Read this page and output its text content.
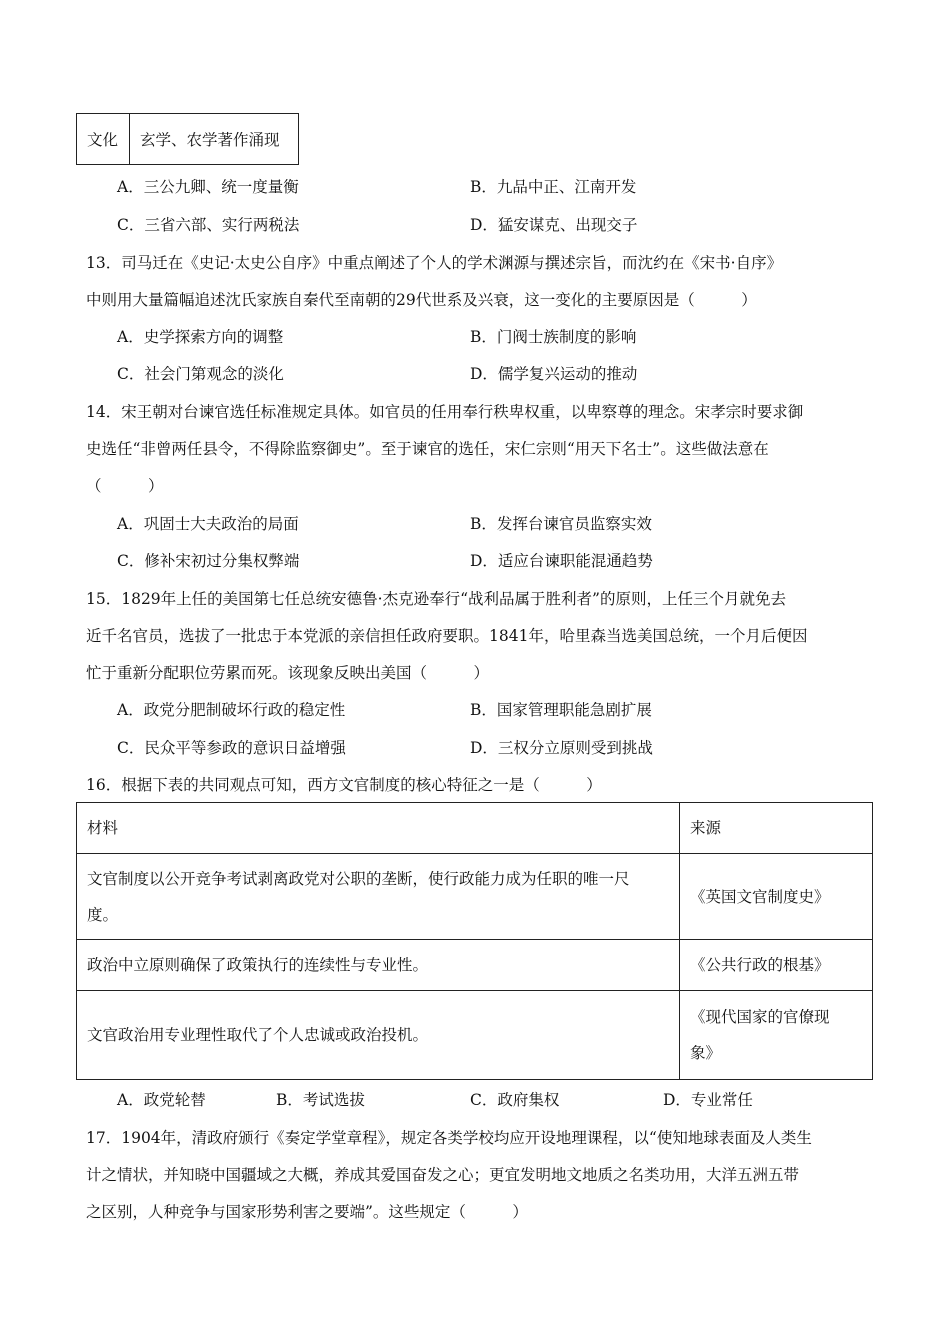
文化	玄学、农学著作涌现
A．三公九卿、统一度量衡	B．九品中正、江南开发
C．三省六部、实行两税法	D．猛安谋克、出现交子
13．司马迁在《史记·太史公自序》中重点阐述了个人的学术渊源与撰述宗旨，而沈约在《宋书·自序》
中则用大量篇幅追述沈氏家族自秦代至南朝的29代世系及兴衰，这一变化的主要原因是（　　　）
A．史学探索方向的调整	B．门阀士族制度的影响
C．社会门第观念的淡化	D．儒学复兴运动的推动
14．宋王朝对台谏官选任标准规定具体。如官员的任用奉行秩卑权重，以卑察尊的理念。宋孝宗时要求御
史选任“非曾两任县令，不得除监察御史”。至于谏官的选任，宋仁宗则“用天下名士”。这些做法意在
（　　　）
A．巩固士大夫政治的局面	B．发挥台谏官员监察实效
C．修补宋初过分集权弊端	D．适应台谏职能混通趋势
15．1829年上任的美国第七任总统安德鲁·杰克逊奉行“战利品属于胜利者”的原则，上任三个月就免去
近千名官员，选拔了一批忠于本党派的亲信担任政府要职。1841年，哈里森当选美国总统，一个月后便因
忙于重新分配职位劳累而死。该现象反映出美国（　　　）
A．政党分肥制破坏行政的稳定性	B．国家管理职能急剧扩展
C．民众平等参政的意识日益增强	D．三权分立原则受到挑战
16．根据下表的共同观点可知，西方文官制度的核心特征之一是（　　　）
材料	来源

文官制度以公开竞争考试剥离政党对公职的垄断，使行政能力成为任职的唯一尺
度。	《英国文官制度史》

政治中立原则确保了政策执行的连续性与专业性。	《公共行政的根基》

文官政治用专业理性取代了个人忠诚或政治投机。	《现代国家的官僚现
象》
A．政党轮替	B．考试选拔	C．政府集权	D．专业常任
17．1904年，清政府颁行《奏定学堂章程》，规定各类学校均应开设地理课程，以“使知地球表面及人类生
计之情状，并知晓中国疆域之大概，养成其爱国奋发之心；更宜发明地文地质之名类功用，大洋五洲五带
之区别，人种竞争与国家形势利害之要端”。这些规定（　　　）
